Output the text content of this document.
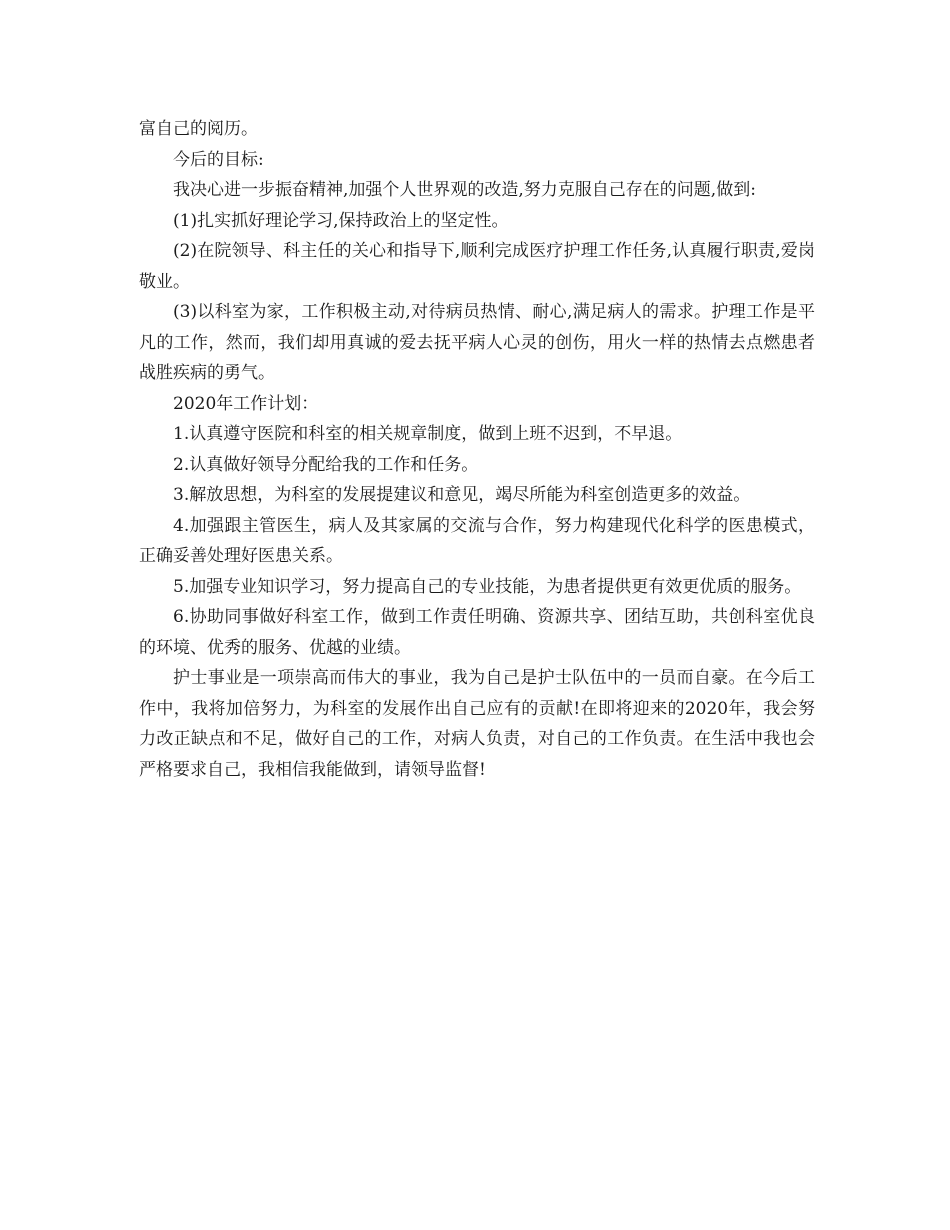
富自己的阅历。

今后的目标:

我决心进一步振奋精神,加强个人世界观的改造,努力克服自己存在的问题,做到:

(1)扎实抓好理论学习,保持政治上的坚定性。

(2)在院领导、科主任的关心和指导下,顺利完成医疗护理工作任务,认真履行职责,爱岗敬业。

(3)以科室为家，工作积极主动,对待病员热情、耐心,满足病人的需求。护理工作是平凡的工作，然而，我们却用真诚的爱去抚平病人心灵的创伤，用火一样的热情去点燃患者战胜疾病的勇气。

2020年工作计划：

1.认真遵守医院和科室的相关规章制度，做到上班不迟到，不早退。

2.认真做好领导分配给我的工作和任务。

3.解放思想，为科室的发展提建议和意见，竭尽所能为科室创造更多的效益。

4.加强跟主管医生，病人及其家属的交流与合作，努力构建现代化科学的医患模式，正确妥善处理好医患关系。

5.加强专业知识学习，努力提高自己的专业技能，为患者提供更有效更优质的服务。

6.协助同事做好科室工作，做到工作责任明确、资源共享、团结互助，共创科室优良的环境、优秀的服务、优越的业绩。

护士事业是一项崇高而伟大的事业，我为自己是护士队伍中的一员而自豪。在今后工作中，我将加倍努力，为科室的发展作出自己应有的贡献!在即将迎来的2020年，我会努力改正缺点和不足，做好自己的工作，对病人负责，对自己的工作负责。在生活中我也会严格要求自己，我相信我能做到，请领导监督!
